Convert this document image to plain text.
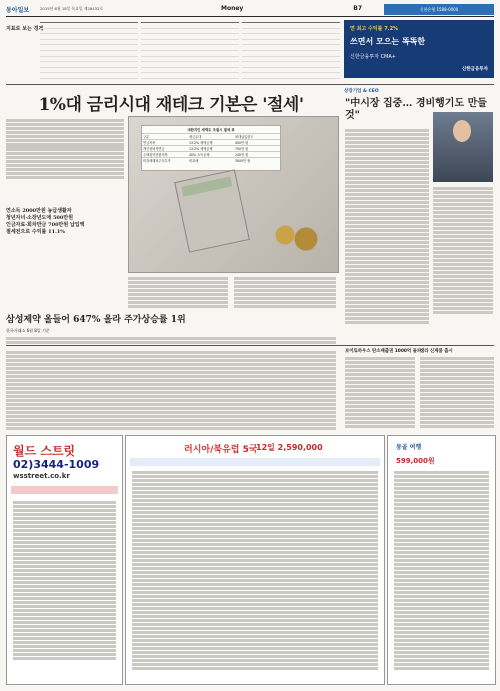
동아일보	2015년 6월 18일 목요일 제28432호	Money	B7	신한은행 1588-0000
지표로 보는 경제	연 최고 수익률 7.2%
쓰면서 모으는 똑똑한
신한금융투자 CMA+
신한금융투자
1%대 금리시대 재테크 기본은 '절세'
연소득 2000만원 농급생활자
청년자녀·소장년도에 500만원
인금자료·회차반금 700만원 납입액
절세전으로 수익률 11.1%
대한지인 세액도 조절시 절세 표
구분	세금우대	최대납입한도
연금저축	13.2% 세액공제	400만 원
개인형퇴직연금	13.2% 세액공제	700만 원
주택청약종합저축	40% 소득공제	240만 원
비과세해외주식투자	비과세	3000만 원
삼성제약 올들어 647% 올라 주가상승률 1위
한국거래소 6월 8일 기준
상장기업 & CEO
"中시장 집중… 경비행기도 만들것"
보이토하우스 탄소배출권 1000억 돌파
샘라 신제품 출시
월드 스트릿
02)3444-1009
wsstreet.co.kr
러시아/북유럽 5국
12일 2,590,000	몽골 여행
599,000원
